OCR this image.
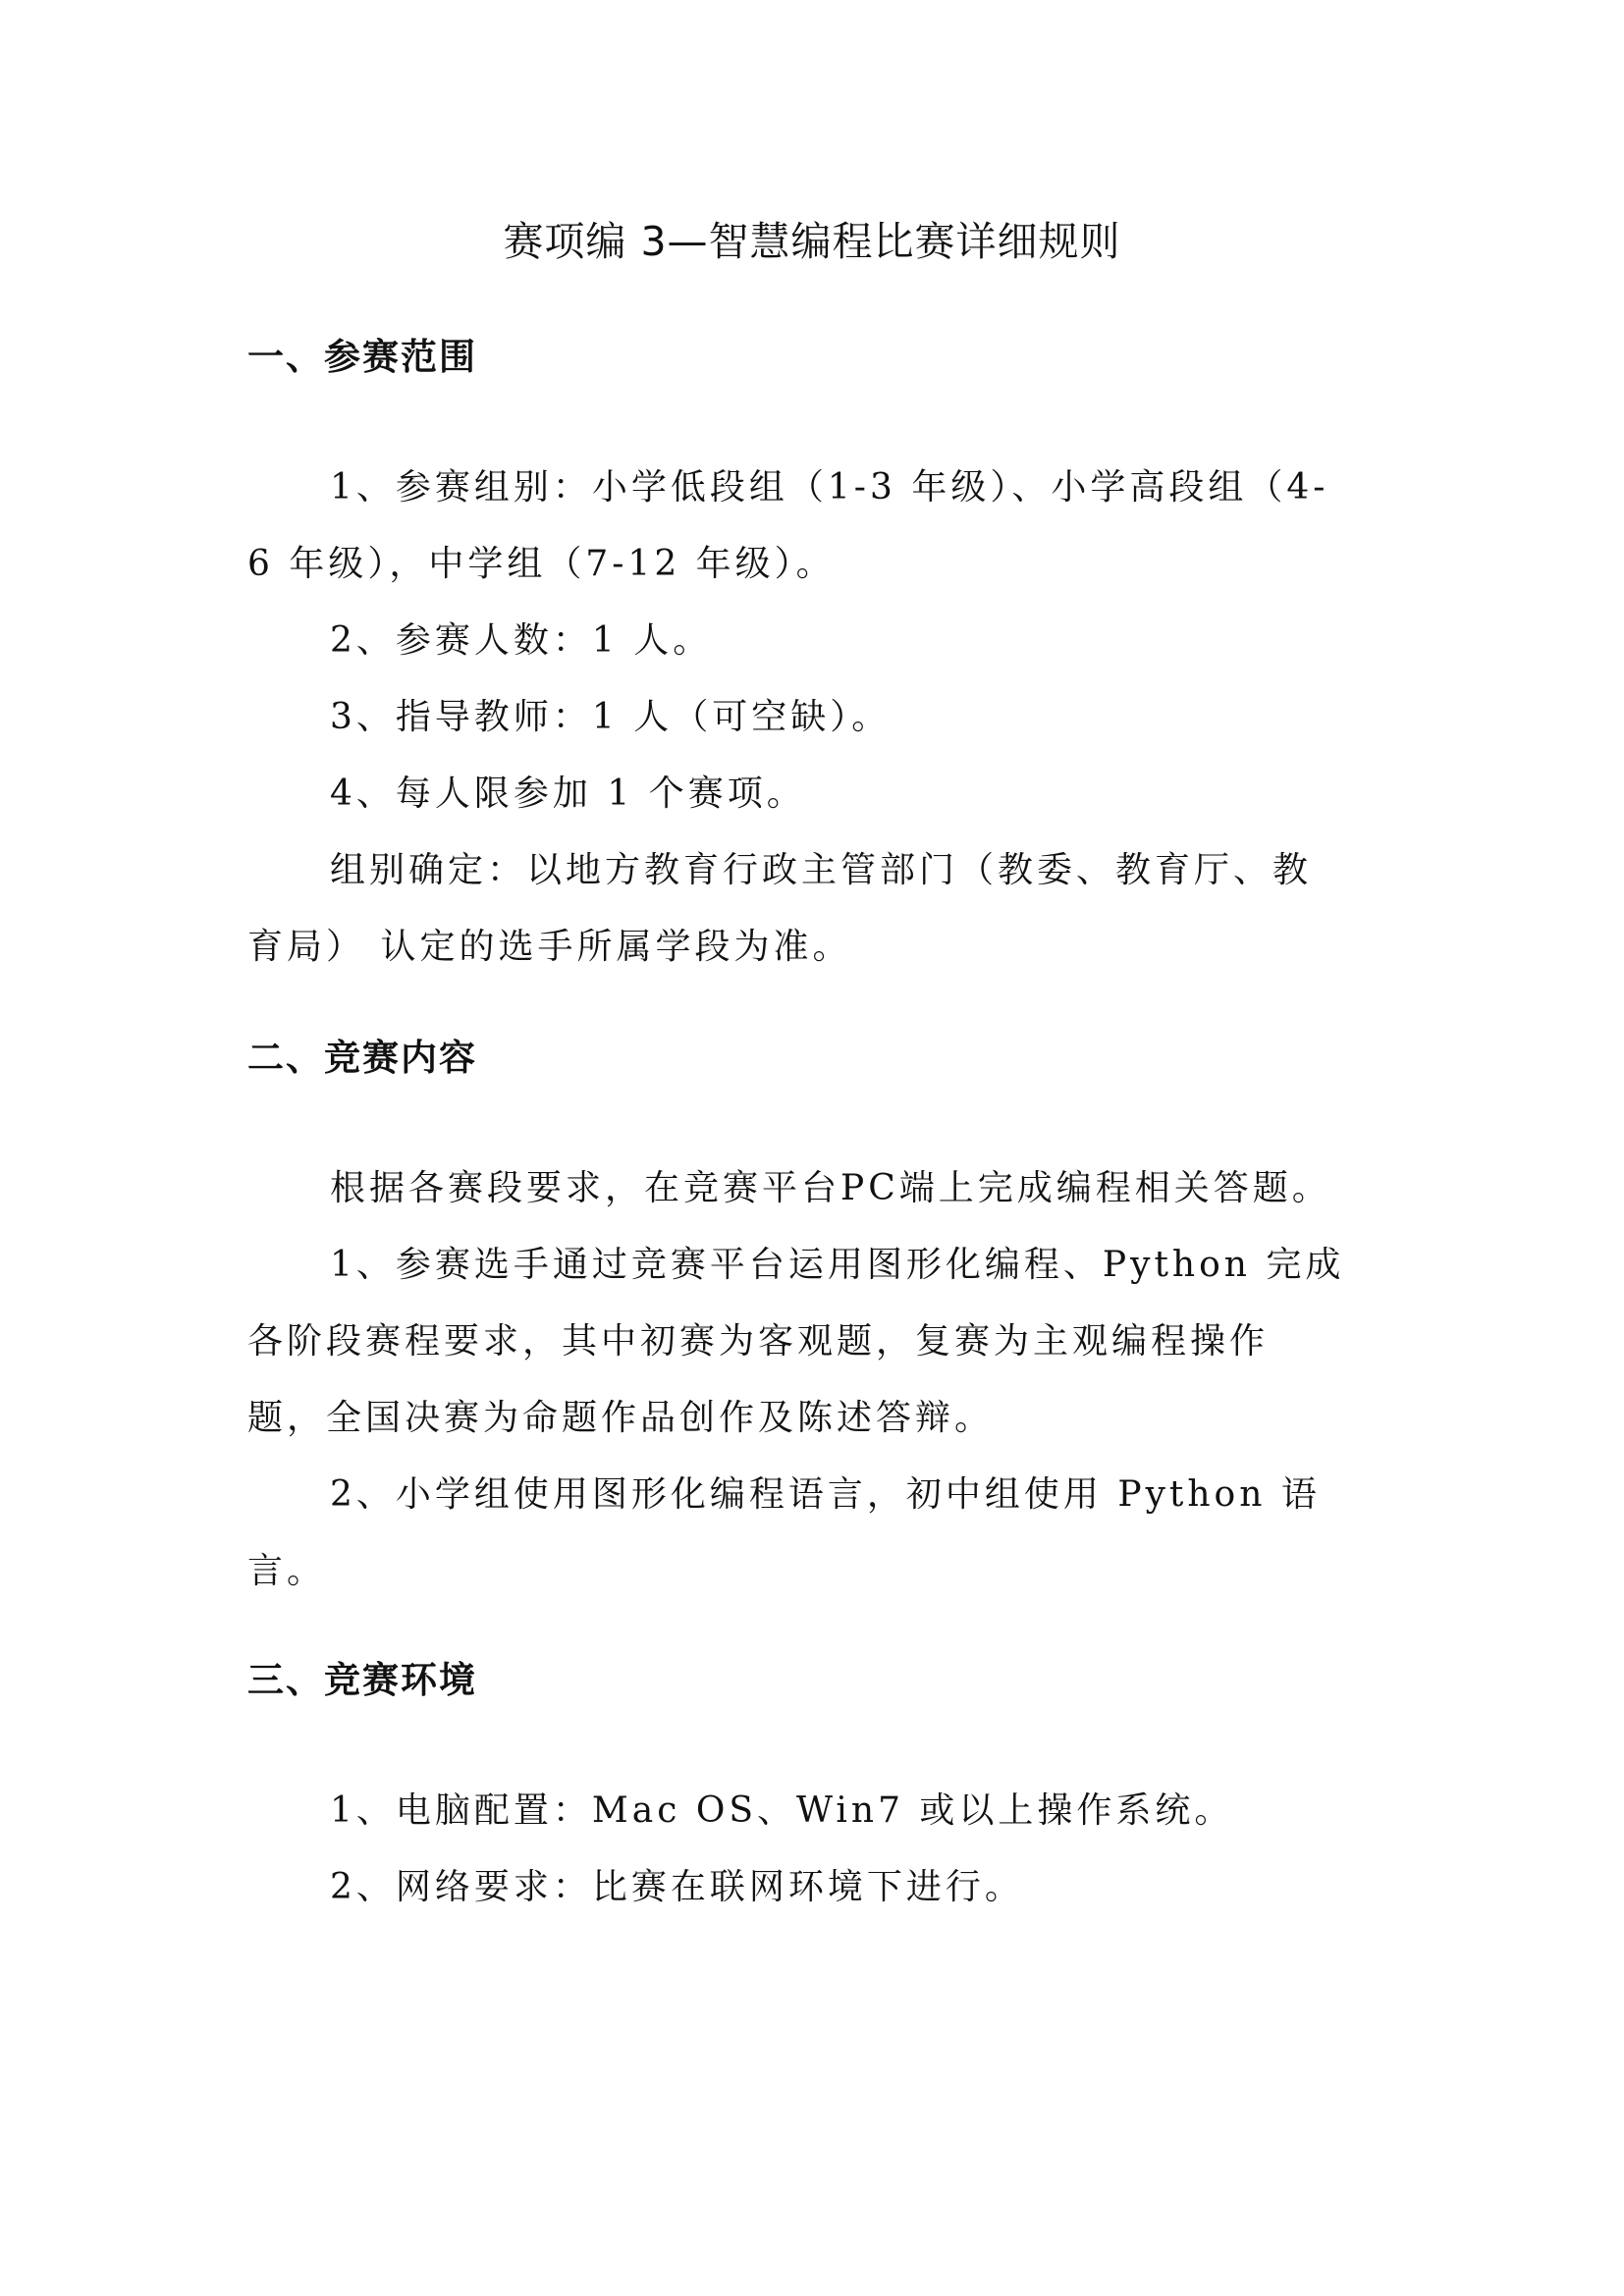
赛项编 3—智慧编程比赛详细规则
一、参赛范围

1、参赛组别：小学低段组（1-3 年级）、小学高段组（4-
6 年级），中学组（7-12 年级）。

2、参赛人数：1 人。

3、指导教师：1 人（可空缺）。

4、每人限参加 1 个赛项。

组别确定：以地方教育行政主管部门（教委、教育厅、教
育局） 认定的选手所属学段为准。

二、竞赛内容

根据各赛段要求，在竞赛平台PC端上完成编程相关答题。

1、参赛选手通过竞赛平台运用图形化编程、Python 完成
各阶段赛程要求，其中初赛为客观题，复赛为主观编程操作
题，全国决赛为命题作品创作及陈述答辩。

2、小学组使用图形化编程语言，初中组使用 Python 语
言。

三、竞赛环境

1、电脑配置：Mac OS、Win7 或以上操作系统。

2、网络要求：比赛在联网环境下进行。
